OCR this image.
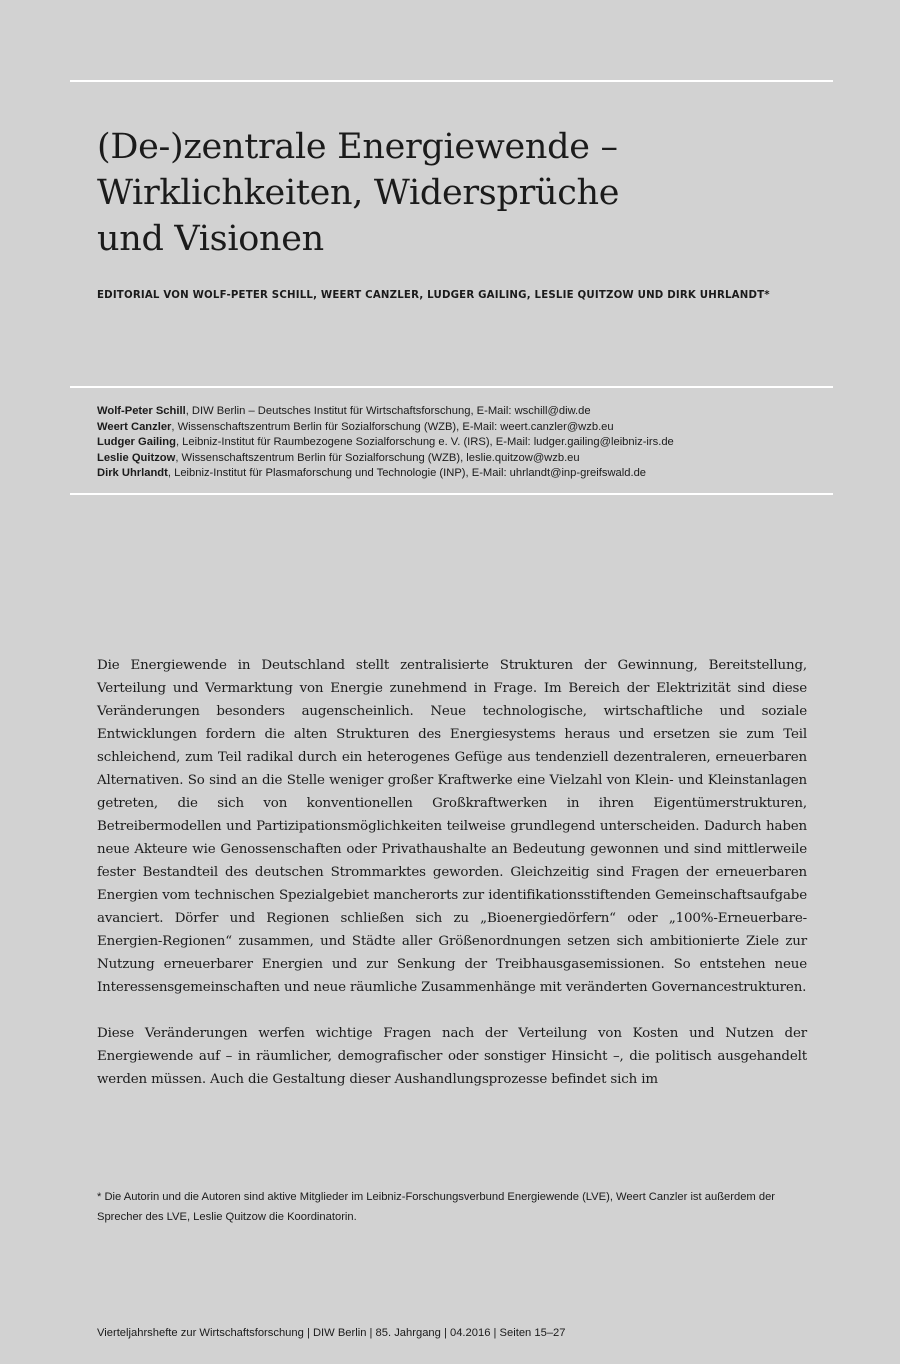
(De-)zentrale Energiewende –
Wirklichkeiten, Widersprüche
und Visionen

EDITORIAL VON WOLF-PETER SCHILL, WEERT CANZLER, LUDGER GAILING, LESLIE QUITZOW UND DIRK UHRLANDT*

Wolf-Peter Schill, DIW Berlin – Deutsches Institut für Wirtschaftsforschung, E-Mail: wschill@diw.de
Weert Canzler, Wissenschaftszentrum Berlin für Sozialforschung (WZB), E-Mail: weert.canzler@wzb.eu
Ludger Gailing, Leibniz-Institut für Raumbezogene Sozialforschung e. V. (IRS), E-Mail: ludger.gailing@leibniz-irs.de
Leslie Quitzow, Wissenschaftszentrum Berlin für Sozialforschung (WZB), leslie.quitzow@wzb.eu
Dirk Uhrlandt, Leibniz-Institut für Plasmaforschung und Technologie (INP), E-Mail: uhrlandt@inp-greifswald.de

Die Energiewende in Deutschland stellt zentralisierte Strukturen der Gewinnung, Bereitstellung, Verteilung und Vermarktung von Energie zunehmend in Frage. Im Bereich der Elektrizität sind diese Veränderungen besonders augenscheinlich. Neue technologische, wirtschaftliche und soziale Entwicklungen fordern die alten Strukturen des Energiesystems heraus und ersetzen sie zum Teil schleichend, zum Teil radikal durch ein heterogenes Gefüge aus tendenziell dezentraleren, erneuerbaren Alternativen. So sind an die Stelle weniger großer Kraftwerke eine Vielzahl von Klein- und Kleinstanlagen getreten, die sich von konventionellen Großkraftwerken in ihren Eigentümerstrukturen, Betreibermodellen und Partizipationsmöglichkeiten teilweise grundlegend unterscheiden. Dadurch haben neue Akteure wie Genossenschaften oder Privathaushalte an Bedeutung gewonnen und sind mittlerweile fester Bestandteil des deutschen Strommarktes geworden. Gleichzeitig sind Fragen der erneuerbaren Energien vom technischen Spezialgebiet mancherorts zur identifikationsstiftenden Gemeinschaftsaufgabe avanciert. Dörfer und Regionen schließen sich zu „Bioenergiedörfern“ oder „100%-Erneuerbare-Energien-Regionen“ zusammen, und Städte aller Größenordnungen setzen sich ambitionierte Ziele zur Nutzung erneuerbarer Energien und zur Senkung der Treibhausgasemissionen. So entstehen neue Interessensgemeinschaften und neue räumliche Zusammenhänge mit veränderten Governancestrukturen.

Diese Veränderungen werfen wichtige Fragen nach der Verteilung von Kosten und Nutzen der Energiewende auf – in räumlicher, demografischer oder sonstiger Hinsicht –, die politisch ausgehandelt werden müssen. Auch die Gestaltung dieser Aushandlungsprozesse befindet sich im

* Die Autorin und die Autoren sind aktive Mitglieder im Leibniz-Forschungsverbund Energiewende (LVE), Weert Canzler ist außerdem der Sprecher des LVE, Leslie Quitzow die Koordinatorin.

Vierteljahrshefte zur Wirtschaftsforschung | DIW Berlin | 85. Jahrgang | 04.2016 | Seiten 15–27
